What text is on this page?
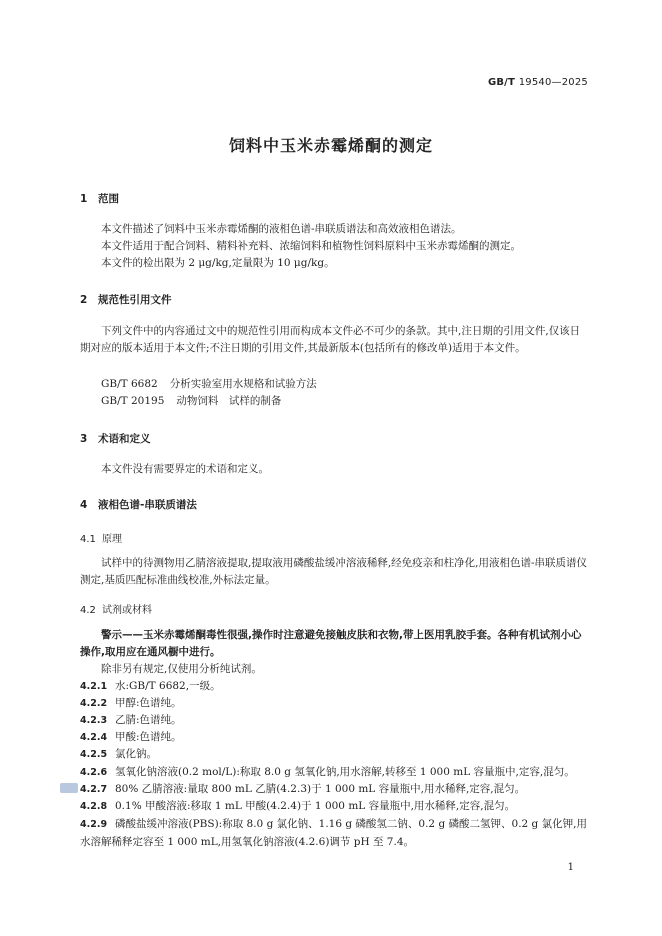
GB/T 19540—2025
饲料中玉米赤霉烯酮的测定
1 范围
本文件描述了饲料中玉米赤霉烯酮的液相色谱-串联质谱法和高效液相色谱法。
本文件适用于配合饲料、精料补充料、浓缩饲料和植物性饲料原料中玉米赤霉烯酮的测定。
本文件的检出限为 2 μg/kg,定量限为 10 μg/kg。
2 规范性引用文件
下列文件中的内容通过文中的规范性引用而构成本文件必不可少的条款。其中,注日期的引用文件,仅该日期对应的版本适用于本文件;不注日期的引用文件,其最新版本(包括所有的修改单)适用于本文件。
GB/T 6682 分析实验室用水规格和试验方法
GB/T 20195 动物饲料　试样的制备
3 术语和定义
本文件没有需要界定的术语和定义。
4 液相色谱-串联质谱法
4.1 原理
试样中的待测物用乙腈溶液提取,提取液用磷酸盐缓冲溶液稀释,经免疫亲和柱净化,用液相色谱-串联质谱仪测定,基质匹配标准曲线校准,外标法定量。
4.2 试剂或材料
警示——玉米赤霉烯酮毒性很强,操作时注意避免接触皮肤和衣物,带上医用乳胶手套。各种有机试剂小心操作,取用应在通风橱中进行。
除非另有规定,仅使用分析纯试剂。
4.2.1 水:GB/T 6682,一级。
4.2.2 甲醇:色谱纯。
4.2.3 乙腈:色谱纯。
4.2.4 甲酸:色谱纯。
4.2.5 氯化钠。
4.2.6 氢氧化钠溶液(0.2 mol/L):称取 8.0 g 氢氧化钠,用水溶解,转移至 1 000 mL 容量瓶中,定容,混匀。
4.2.7 80% 乙腈溶液:量取 800 mL 乙腈(4.2.3)于 1 000 mL 容量瓶中,用水稀释,定容,混匀。
4.2.8 0.1% 甲酸溶液:移取 1 mL 甲酸(4.2.4)于 1 000 mL 容量瓶中,用水稀释,定容,混匀。
4.2.9 磷酸盐缓冲溶液(PBS):称取 8.0 g 氯化钠、1.16 g 磷酸氢二钠、0.2 g 磷酸二氢钾、0.2 g 氯化钾,用水溶解稀释定容至 1 000 mL,用氢氧化钠溶液(4.2.6)调节 pH 至 7.4。
1
